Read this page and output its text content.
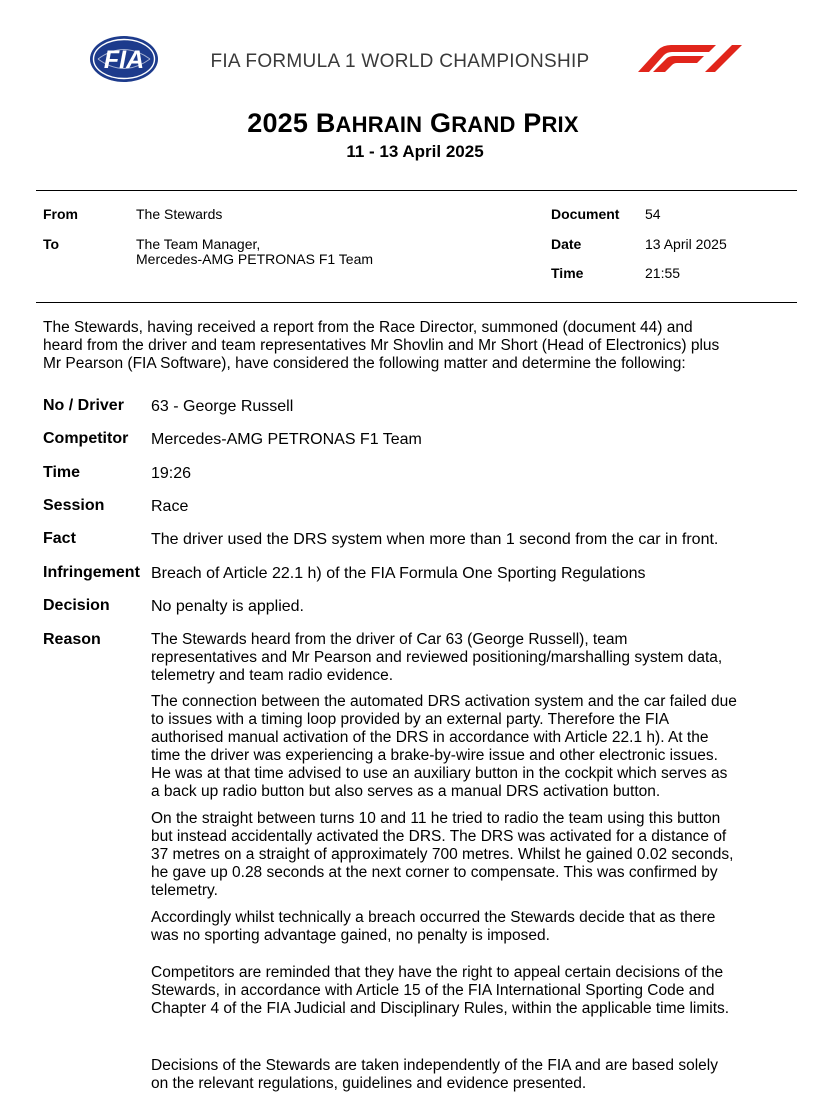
FIA	FIA FORMULA 1 WORLD CHAMPIONSHIP
2025 BAHRAIN GRAND PRIX
11 - 13 April 2025
From	The Stewards
To	The Team Manager,
Mercedes-AMG PETRONAS F1 Team
Document 54
Date	13 April 2025
Time	21:55
The Stewards, having received a report from the Race Director, summoned (document 44) and
heard from the driver and team representatives Mr Shovlin and Mr Short (Head of Electronics) plus
Mr Pearson (FIA Software), have considered the following matter and determine the following:
No / Driver 63 - George Russell
Competitor Mercedes-AMG PETRONAS F1 Team
Time	19:26
Session	Race
Fact	The driver used the DRS system when more than 1 second from the car in front.
Infringement Breach of Article 22.1 h) of the FIA Formula One Sporting Regulations
Decision	No penalty is applied.
Reason	The Stewards heard from the driver of Car 63 (George Russell), team
representatives and Mr Pearson and reviewed positioning/marshalling system data,
telemetry and team radio evidence.
The connection between the automated DRS activation system and the car failed due
to issues with a timing loop provided by an external party. Therefore the FIA
authorised manual activation of the DRS in accordance with Article 22.1 h). At the
time the driver was experiencing a brake-by-wire issue and other electronic issues.
He was at that time advised to use an auxiliary button in the cockpit which serves as
a back up radio button but also serves as a manual DRS activation button.
On the straight between turns 10 and 11 he tried to radio the team using this button
but instead accidentally activated the DRS. The DRS was activated for a distance of
37 metres on a straight of approximately 700 metres. Whilst he gained 0.02 seconds,
he gave up 0.28 seconds at the next corner to compensate. This was confirmed by
telemetry.
Accordingly whilst technically a breach occurred the Stewards decide that as there
was no sporting advantage gained, no penalty is imposed.
Competitors are reminded that they have the right to appeal certain decisions of the
Stewards, in accordance with Article 15 of the FIA International Sporting Code and
Chapter 4 of the FIA Judicial and Disciplinary Rules, within the applicable time limits.
Decisions of the Stewards are taken independently of the FIA and are based solely
on the relevant regulations, guidelines and evidence presented.
